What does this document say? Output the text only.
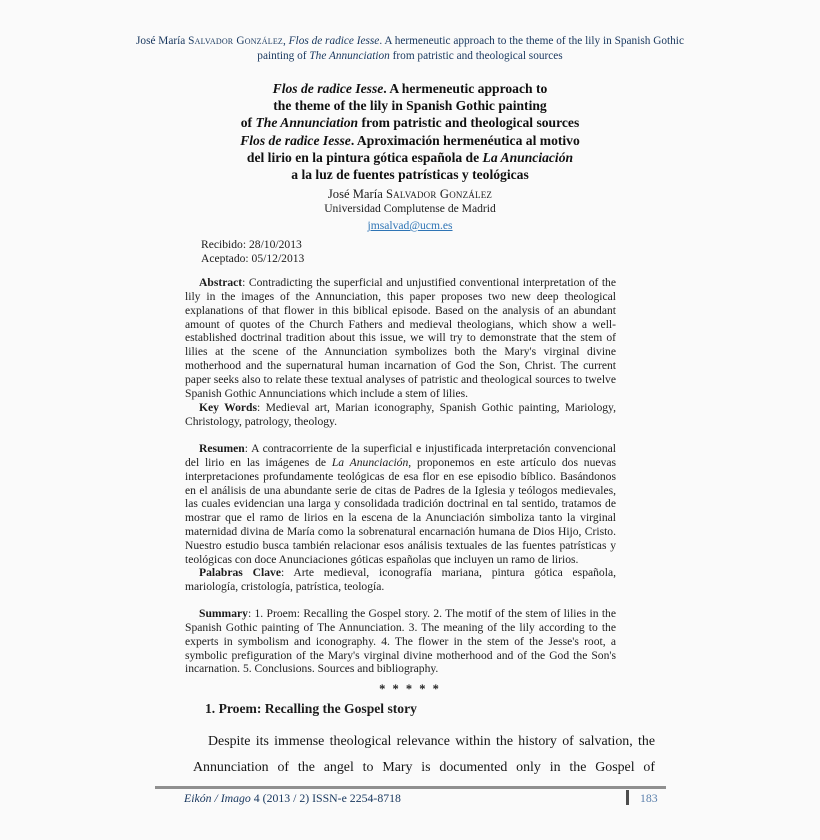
José María Salvador González, Flos de radice Iesse. A hermeneutic approach to the theme of the lily in Spanish Gothic painting of The Annunciation from patristic and theological sources
Flos de radice Iesse. A hermeneutic approach to
the theme of the lily in Spanish Gothic painting
of The Annunciation from patristic and theological sources
Flos de radice Iesse. Aproximación hermenéutica al motivo
del lirio en la pintura gótica española de La Anunciación
a la luz de fuentes patrísticas y teológicas
José María Salvador González
Universidad Complutense de Madrid
jmsalvad@ucm.es
Recibido: 28/10/2013
Aceptado: 05/12/2013

Abstract: Contradicting the superficial and unjustified conventional interpretation of the lily in the images of the Annunciation, this paper proposes two new deep theological explanations of that flower in this biblical episode. Based on the analysis of an abundant amount of quotes of the Church Fathers and medieval theologians, which show a well-established doctrinal tradition about this issue, we will try to demonstrate that the stem of lilies at the scene of the Annunciation symbolizes both the Mary's virginal divine motherhood and the supernatural human incarnation of God the Son, Christ. The current paper seeks also to relate these textual analyses of patristic and theological sources to twelve Spanish Gothic Annunciations which include a stem of lilies.

Key Words: Medieval art, Marian iconography, Spanish Gothic painting, Mariology, Christology, patrology, theology.

Resumen: A contracorriente de la superficial e injustificada interpretación convencional del lirio en las imágenes de La Anunciación, proponemos en este artículo dos nuevas interpretaciones profundamente teológicas de esa flor en ese episodio bíblico. Basándonos en el análisis de una abundante serie de citas de Padres de la Iglesia y teólogos medievales, las cuales evidencian una larga y consolidada tradición doctrinal en tal sentido, tratamos de mostrar que el ramo de lirios en la escena de la Anunciación simboliza tanto la virginal maternidad divina de María como la sobrenatural encarnación humana de Dios Hijo, Cristo. Nuestro estudio busca también relacionar esos análisis textuales de las fuentes patrísticas y teológicas con doce Anunciaciones góticas españolas que incluyen un ramo de lirios.

Palabras Clave: Arte medieval, iconografía mariana, pintura gótica española, mariología, cristología, patrística, teología.

Summary: 1. Proem: Recalling the Gospel story. 2. The motif of the stem of lilies in the Spanish Gothic painting of The Annunciation. 3. The meaning of the lily according to the experts in symbolism and iconography. 4. The flower in the stem of the Jesse's root, a symbolic prefiguration of the Mary's virginal divine motherhood and of the God the Son's incarnation. 5. Conclusions. Sources and bibliography.

* * * * *
1. Proem: Recalling the Gospel story

Despite its immense theological relevance within the history of salvation, the Annunciation of the angel to Mary is documented only in the Gospel of

Eikón / Imago 4 (2013 / 2) ISSN-e 2254-8718	183
